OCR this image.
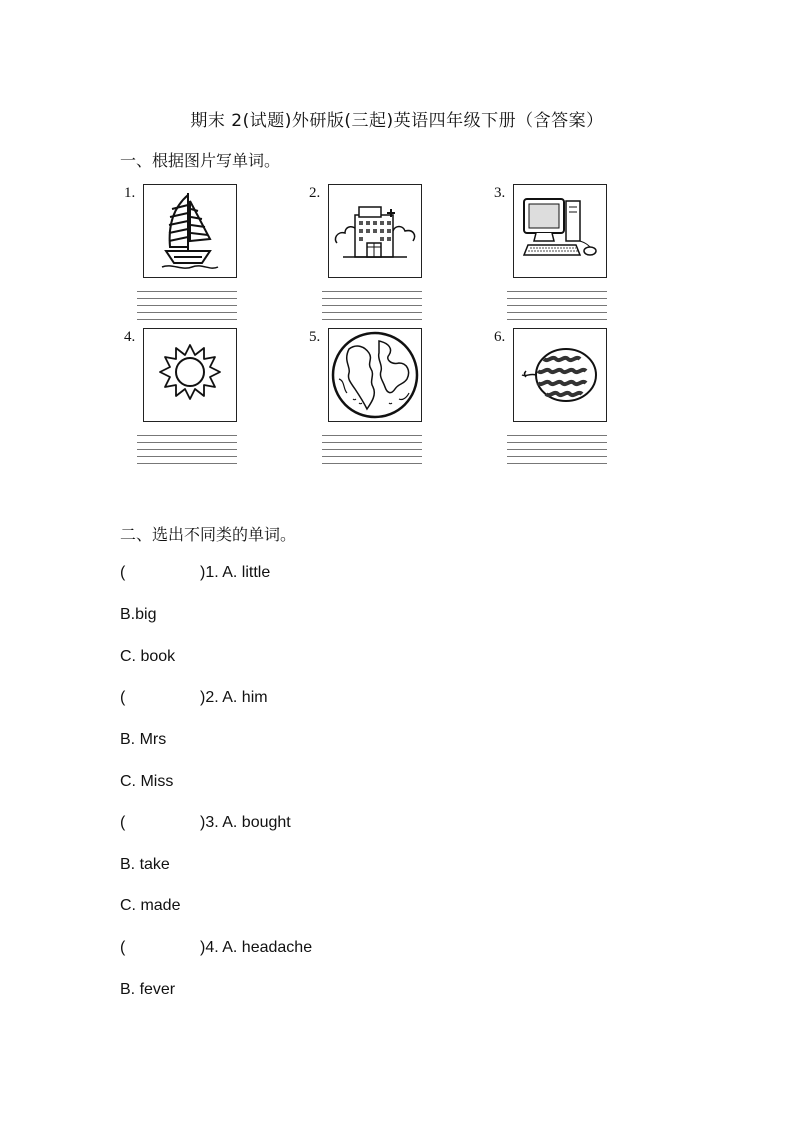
期末 2(试题)外研版(三起)英语四年级下册（含答案）
一、根据图片写单词。
1.	2.	3.
4.	5.	6.
二、选出不同类的单词。
(	)1. A. little
B.big
C. book
(	)2. A. him
B. Mrs
C. Miss
(	)3. A. bought
B. take
C. made
(	)4. A. headache
B. fever
